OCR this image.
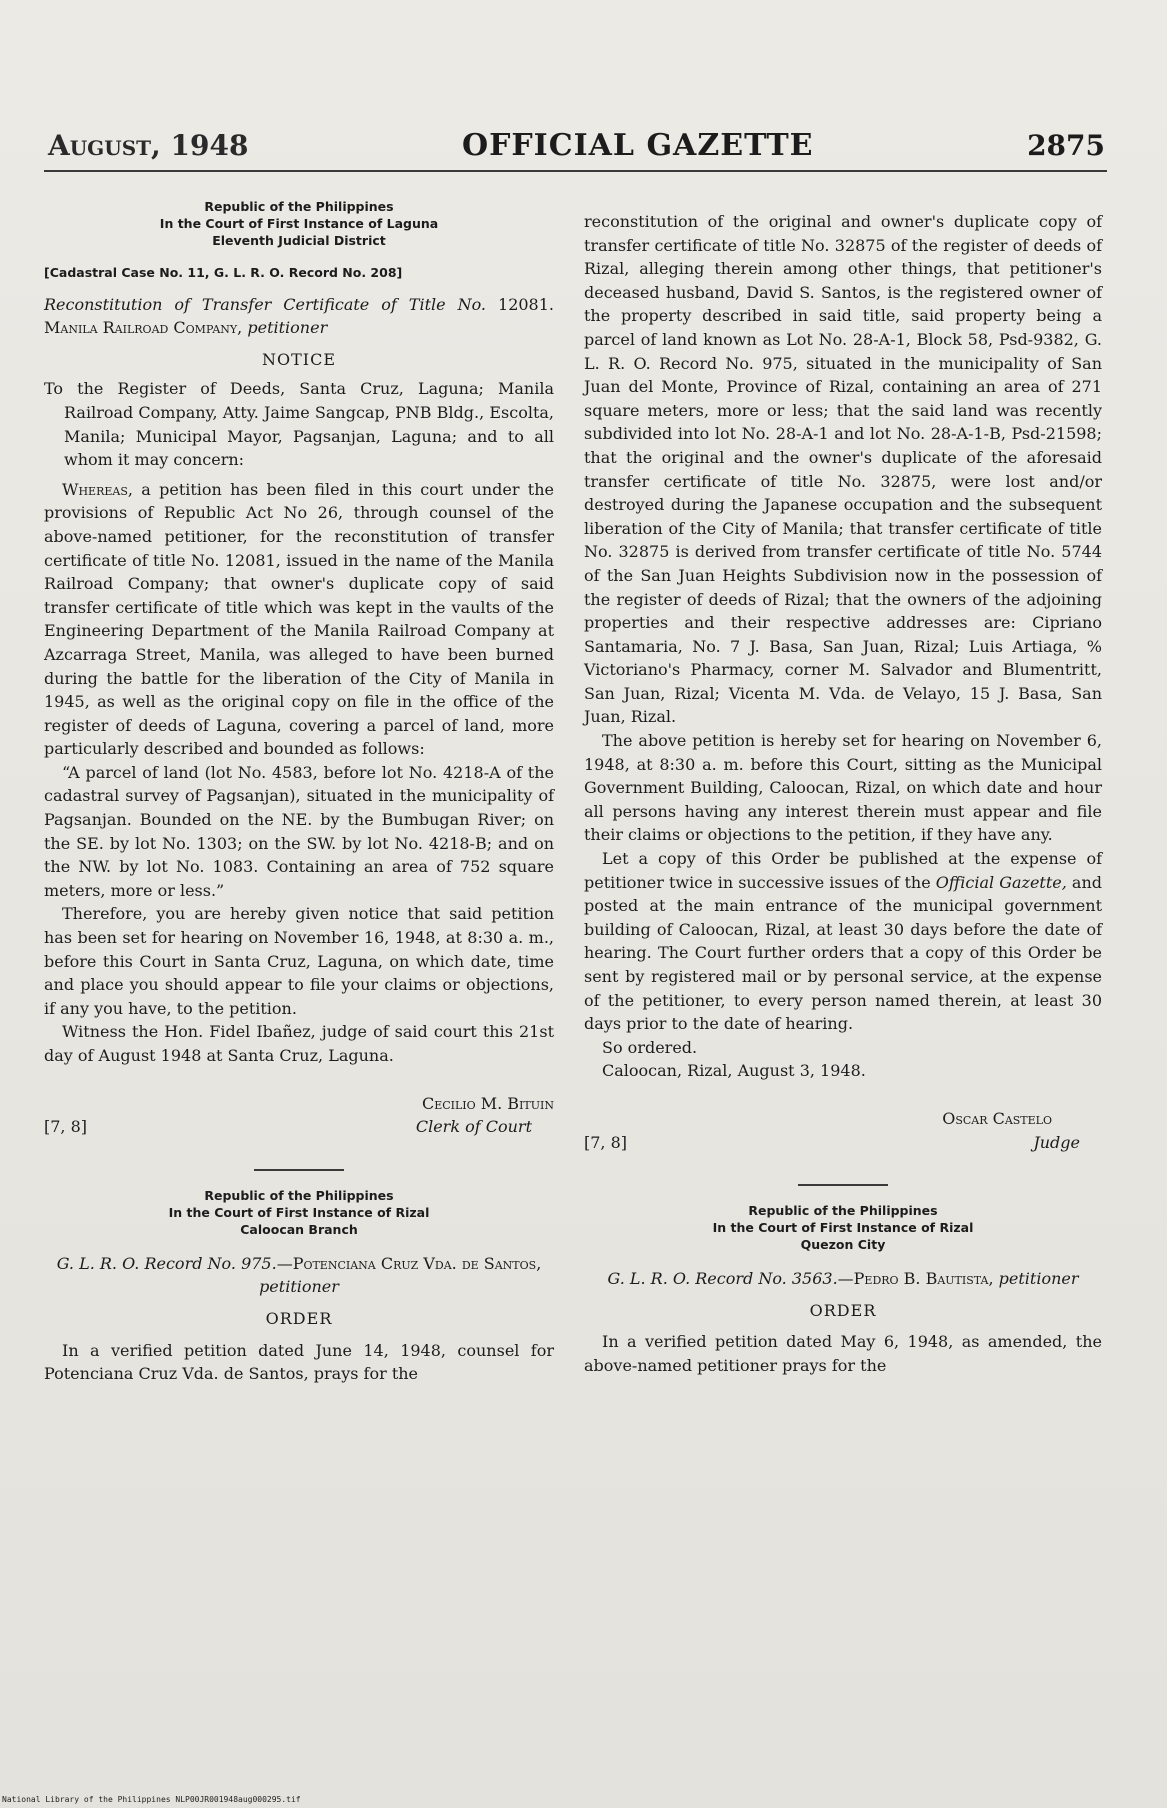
August, 1948	OFFICIAL GAZETTE	2875
Republic of the Philippines
In the Court of First Instance of Laguna
Eleventh Judicial District
[Cadastral Case No. 11, G. L. R. O. Record No. 208]
Reconstitution of Transfer Certificate of Title No. 12081. Manila Railroad Company, petitioner
NOTICE

To the Register of Deeds, Santa Cruz, Laguna; Manila Railroad Company, Atty. Jaime Sangcap, PNB Bldg., Escolta, Manila; Municipal Mayor, Pagsanjan, Laguna; and to all whom it may concern:

Whereas, a petition has been filed in this court under the provisions of Republic Act No 26, through counsel of the above-named petitioner, for the reconstitution of transfer certificate of title No. 12081, issued in the name of the Manila Railroad Company; that owner's duplicate copy of said transfer certificate of title which was kept in the vaults of the Engineering Department of the Manila Railroad Company at Azcarraga Street, Manila, was alleged to have been burned during the battle for the liberation of the City of Manila in 1945, as well as the original copy on file in the office of the register of deeds of Laguna, covering a parcel of land, more particularly described and bounded as follows:

“A parcel of land (lot No. 4583, before lot No. 4218-A of the cadastral survey of Pagsanjan), situated in the municipality of Pagsanjan. Bounded on the NE. by the Bumbugan River; on the SE. by lot No. 1303; on the SW. by lot No. 4218-B; and on the NW. by lot No. 1083. Containing an area of 752 square meters, more or less.”

Therefore, you are hereby given notice that said petition has been set for hearing on November 16, 1948, at 8:30 a. m., before this Court in Santa Cruz, Laguna, on which date, time and place you should appear to file your claims or objections, if any you have, to the petition.

Witness the Hon. Fidel Ibañez, judge of said court this 21st day of August 1948 at Santa Cruz, Laguna.

[7, 8]
Cecilio M. Bituin
Clerk of Court
Republic of the Philippines
In the Court of First Instance of Rizal
Caloocan Branch
G. L. R. O. Record No. 975.—Potenciana Cruz Vda. de Santos, petitioner
ORDER

In a verified petition dated June 14, 1948, counsel for Potenciana Cruz Vda. de Santos, prays for the

reconstitution of the original and owner's duplicate copy of transfer certificate of title No. 32875 of the register of deeds of Rizal, alleging therein among other things, that petitioner's deceased husband, David S. Santos, is the registered owner of the property described in said title, said property being a parcel of land known as Lot No. 28-A-1, Block 58, Psd-9382, G. L. R. O. Record No. 975, situated in the municipality of San Juan del Monte, Province of Rizal, containing an area of 271 square meters, more or less; that the said land was recently subdivided into lot No. 28-A-1 and lot No. 28-A-1-B, Psd-21598; that the original and the owner's duplicate of the aforesaid transfer certificate of title No. 32875, were lost and/or destroyed during the Japanese occupation and the subsequent liberation of the City of Manila; that transfer certificate of title No. 32875 is derived from transfer certificate of title No. 5744 of the San Juan Heights Subdivision now in the possession of the register of deeds of Rizal; that the owners of the adjoining properties and their respective addresses are: Cipriano Santamaria, No. 7 J. Basa, San Juan, Rizal; Luis Artiaga, % Victoriano's Pharmacy, corner M. Salvador and Blumentritt, San Juan, Rizal; Vicenta M. Vda. de Velayo, 15 J. Basa, San Juan, Rizal.

The above petition is hereby set for hearing on November 6, 1948, at 8:30 a. m. before this Court, sitting as the Municipal Government Building, Caloocan, Rizal, on which date and hour all persons having any interest therein must appear and file their claims or objections to the petition, if they have any.

Let a copy of this Order be published at the expense of petitioner twice in successive issues of the Official Gazette, and posted at the main entrance of the municipal government building of Caloocan, Rizal, at least 30 days before the date of hearing. The Court further orders that a copy of this Order be sent by registered mail or by personal service, at the expense of the petitioner, to every person named therein, at least 30 days prior to the date of hearing.

So ordered.

Caloocan, Rizal, August 3, 1948.

[7, 8]
Oscar Castelo
Judge
Republic of the Philippines
In the Court of First Instance of Rizal
Quezon City
G. L. R. O. Record No. 3563.—Pedro B. Bautista, petitioner
ORDER

In a verified petition dated May 6, 1948, as amended, the above-named petitioner prays for the

National Library of the Philippines NLP00JR001948aug000295.tif
